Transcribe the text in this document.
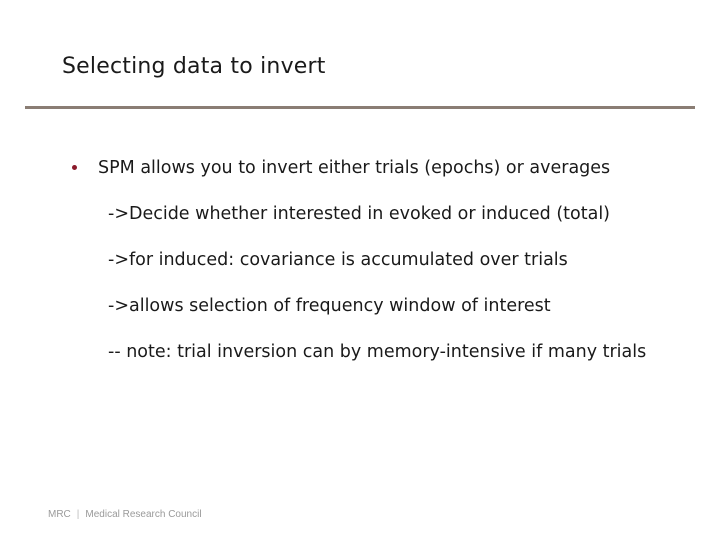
Selecting data to invert
SPM allows you to invert either trials (epochs) or averages
->Decide whether interested in evoked or induced (total)
->for induced: covariance is accumulated over trials
->allows selection of frequency window of interest
-- note: trial inversion can by memory-intensive if many trials
MRC | Medical Research Council
